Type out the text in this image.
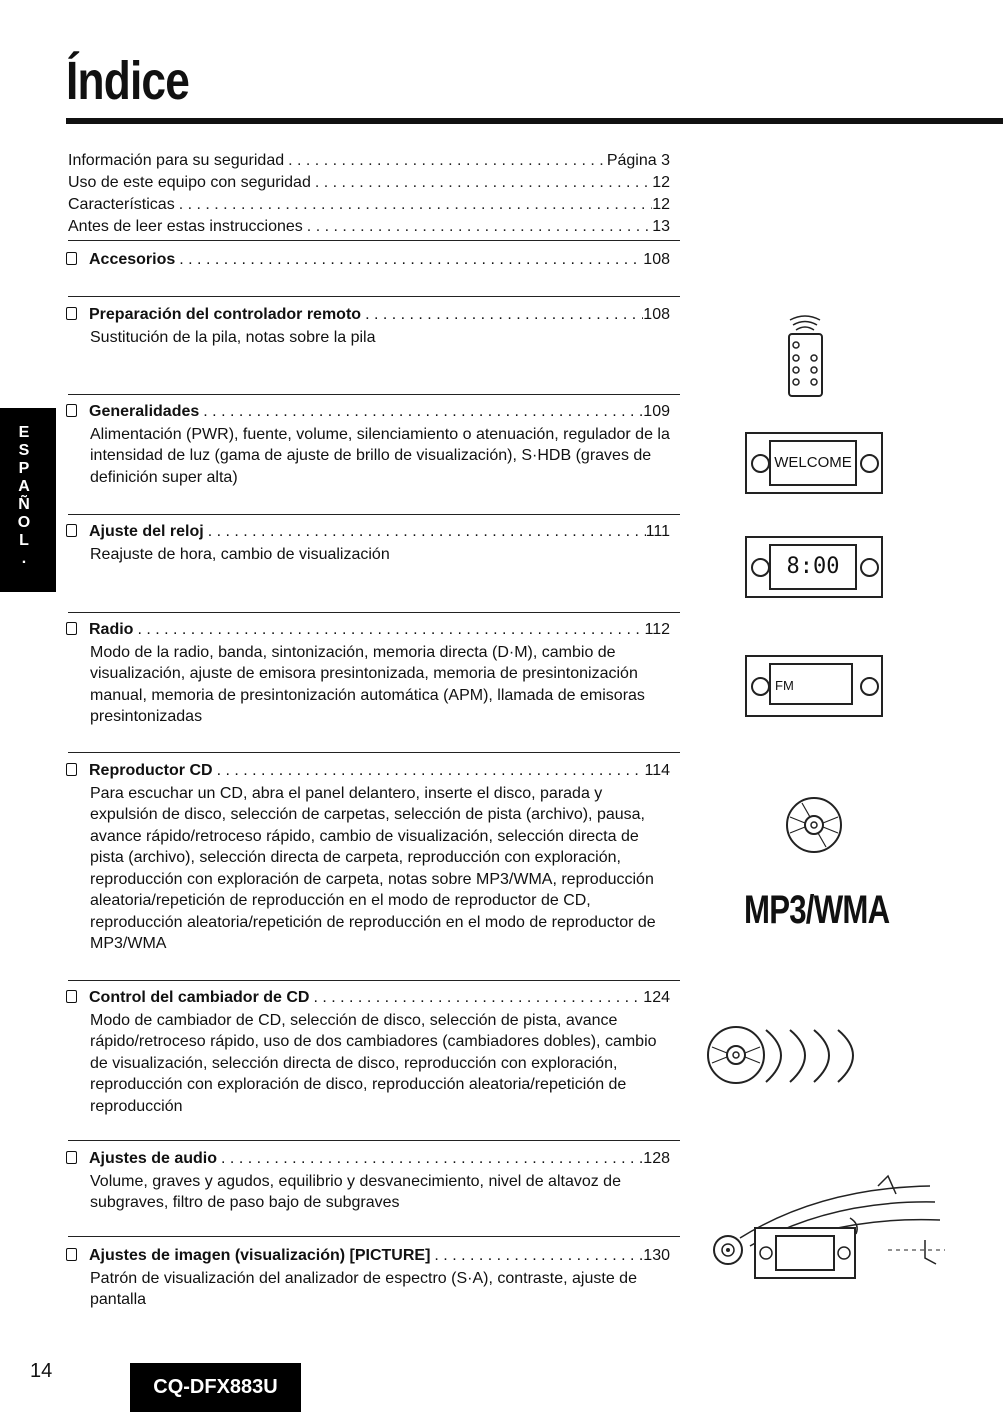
Índice
Información para su seguridad . . .	Página 3
Uso de este equipo con seguridad . . .	12
Características . . .	12
Antes de leer estas instrucciones . . .	13
Accesorios . . .	108
Preparación del controlador remoto . . .	108
Sustitución de la pila, notas sobre la pila
Generalidades . . .	109
Alimentación (PWR), fuente, volume, silenciamiento o atenuación, regulador de la intensidad de luz (gama de ajuste de brillo de visualización), S·HDB (graves de definición super alta)
Ajuste del reloj . . .	111
Reajuste de hora, cambio de visualización
Radio . . .	112
Modo de la radio, banda, sintonización, memoria directa (D·M), cambio de visualización, ajuste de emisora presintonizada, memoria de presintonización manual, memoria de presintonización automática (APM), llamada de emisoras presintonizadas
Reproductor CD . . .	114
Para escuchar un CD, abra el panel delantero, inserte el disco, parada y expulsión de disco, selección de carpetas, selección de pista (archivo), pausa, avance rápido/retroceso rápido, cambio de visualización, selección directa de pista (archivo), selección directa de carpeta, reproducción con exploración, reproducción con exploración de carpeta, notas sobre MP3/WMA, reproducción aleatoria/repetición de reproducción en el modo de reproductor de CD, reproducción aleatoria/repetición de reproducción en el modo de reproductor de MP3/WMA
Control del cambiador de CD . . .	124
Modo de cambiador de CD, selección de disco, selección de pista, avance rápido/retroceso rápido, uso de dos cambiadores (cambiadores dobles), cambio de visualización, selección directa de disco, reproducción con exploración, reproducción con exploración de disco, reproducción aleatoria/repetición de reproducción
Ajustes de audio . . .	128
Volume, graves y agudos, equilibrio y desvanecimiento, nivel de altavoz de subgraves, filtro de paso bajo de subgraves
Ajustes de imagen (visualización) [PICTURE] . . .	130
Patrón de visualización del analizador de espectro (S·A), contraste, ajuste de pantalla
E
S
P
A
Ñ
O
L
.
WELCOME
8:00
FM
MP3/WMA
14
CQ-DFX883U
